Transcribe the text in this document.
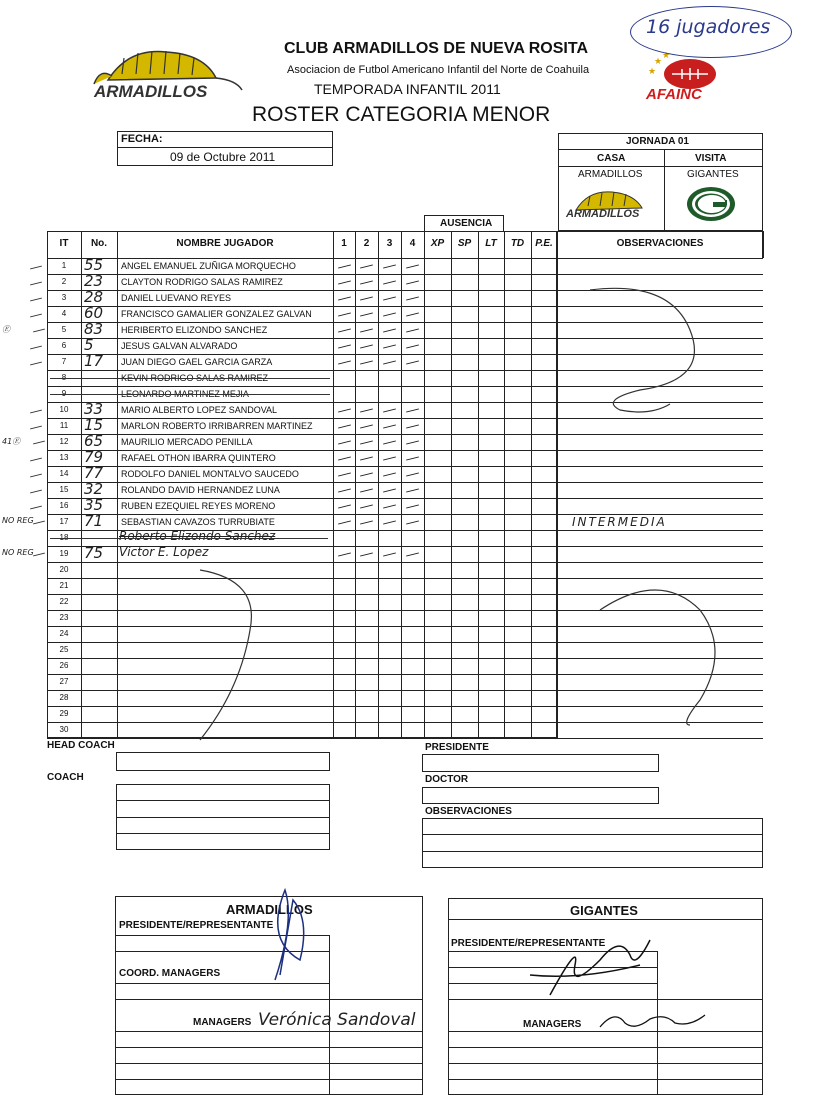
ARMADILLOS
CLUB ARMADILLOS DE NUEVA ROSITA
Asociacion de Futbol Americano Infantil del Norte de Coahuila
TEMPORADA INFANTIL 2011
ROSTER CATEGORIA MENOR
★
★
★
AFAINC
16 jugadores
FECHA:
09 de Octubre 2011
JORNADA 01
CASA	VISITA
ARMADILLOS	GIGANTES
ARMADILLOS
AUSENCIA
IT	No.	NOMBRE JUGADOR	1	2	3	4	XP	SP	LT	TD	P.E.	OBSERVACIONES
1	55	ANGEL EMANUEL ZUÑIGA MORQUECHO
2	23	CLAYTON RODRIGO SALAS RAMIREZ
3	28	DANIEL LUEVANO REYES
4	60	FRANCISCO GAMALIER GONZALEZ GALVAN
5	83	HERIBERTO ELIZONDO SANCHEZ
Ⓔ
6	5	JESUS GALVAN ALVARADO
7	17	JUAN DIEGO GAEL GARCIA GARZA
8	KEVIN RODRIGO SALAS RAMIREZ
9	LEONARDO MARTINEZ MEJIA
10	33	MARIO ALBERTO LOPEZ SANDOVAL
11	15	MARLON ROBERTO IRRIBARREN MARTINEZ
12	65	MAURILIO MERCADO PENILLA
41Ⓔ
13	79	RAFAEL OTHON IBARRA QUINTERO
14	77	RODOLFO DANIEL MONTALVO SAUCEDO
15	32	ROLANDO DAVID HERNANDEZ LUNA
16	35	RUBEN EZEQUIEL REYES MORENO
17	71	SEBASTIAN CAVAZOS TURRUBIATE
NO REG	INTERMEDIA
18	Roberto Elizondo Sanchez
19	75	Victor E. Lopez
NO REG
20
21
22
23
24
25
26
27
28
29
30
HEAD COACH
COACH
PRESIDENTE
DOCTOR
OBSERVACIONES
ARMADILLOS
PRESIDENTE/REPRESENTANTE
COORD. MANAGERS
MANAGERS Verónica Sandoval
GIGANTES
PRESIDENTE/REPRESENTANTE
MANAGERS
